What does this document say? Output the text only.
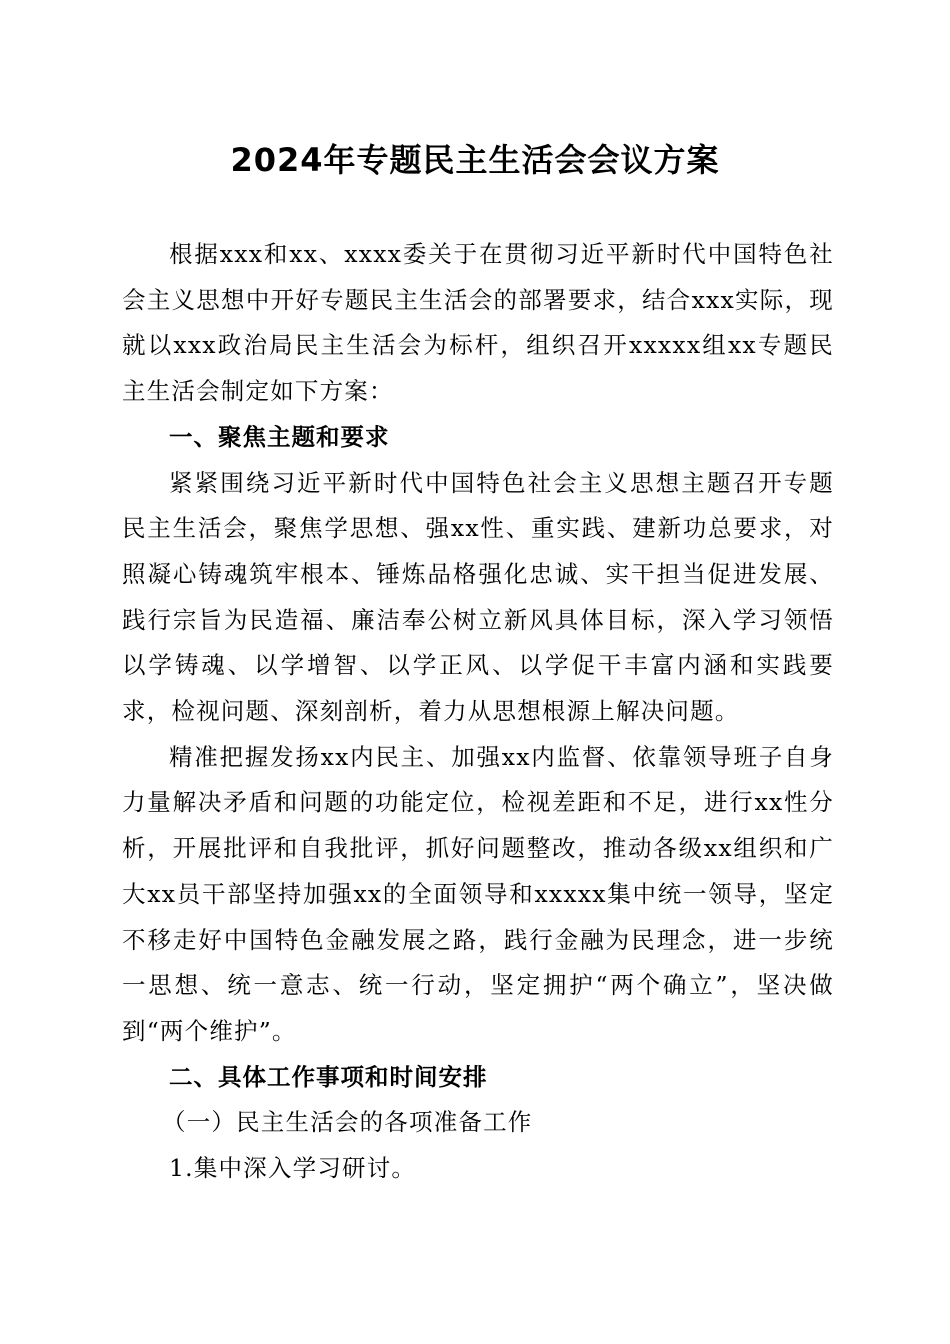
2024年专题民主生活会会议方案

根据xxx和xx、xxxx委关于在贯彻习近平新时代中国特色社会主义思想中开好专题民主生活会的部署要求，结合xxx实际，现就以xxx政治局民主生活会为标杆，组织召开xxxxx组xx专题民主生活会制定如下方案：

一、聚焦主题和要求

紧紧围绕习近平新时代中国特色社会主义思想主题召开专题民主生活会，聚焦学思想、强xx性、重实践、建新功总要求，对照凝心铸魂筑牢根本、锤炼品格强化忠诚、实干担当促进发展、践行宗旨为民造福、廉洁奉公树立新风具体目标，深入学习领悟以学铸魂、以学增智、以学正风、以学促干丰富内涵和实践要求，检视问题、深刻剖析，着力从思想根源上解决问题。

精准把握发扬xx内民主、加强xx内监督、依靠领导班子自身力量解决矛盾和问题的功能定位，检视差距和不足，进行xx性分析，开展批评和自我批评，抓好问题整改，推动各级xx组织和广大xx员干部坚持加强xx的全面领导和xxxxx集中统一领导，坚定不移走好中国特色金融发展之路，践行金融为民理念，进一步统一思想、统一意志、统一行动，坚定拥护“两个确立”，坚决做到“两个维护”。

二、具体工作事项和时间安排

（一）民主生活会的各项准备工作

1.集中深入学习研讨。
